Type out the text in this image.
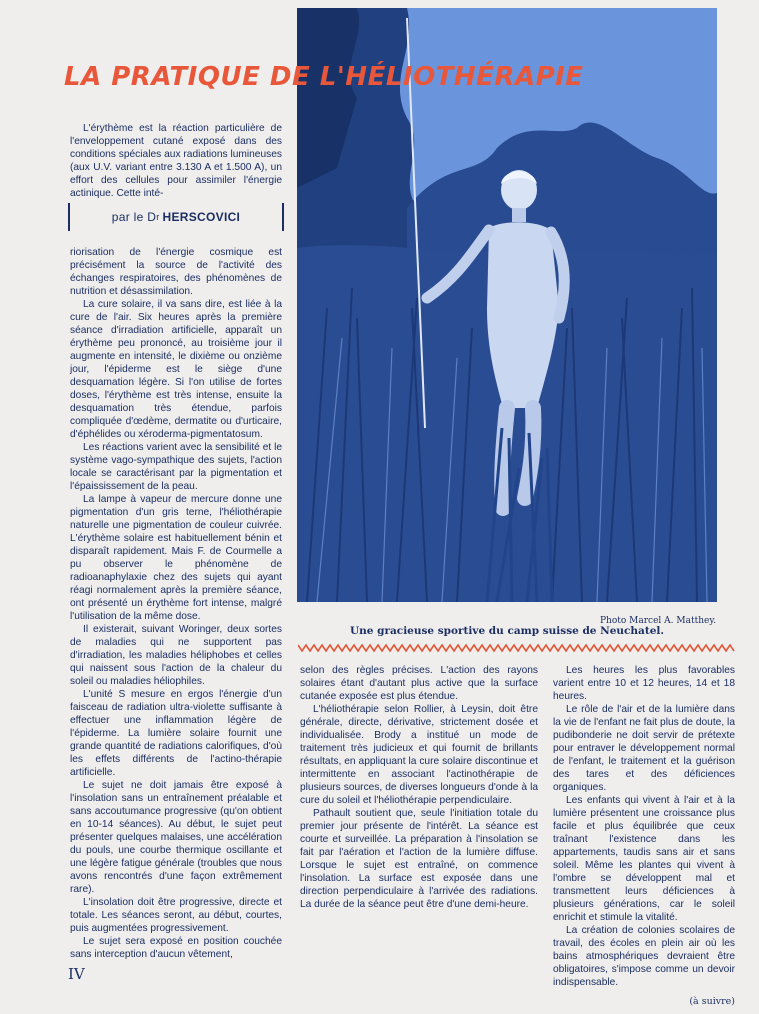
LA PRATIQUE DE L'HÉLIOTHÉRAPIE

L'érythème est la réaction particulière de l'enveloppement cutané exposé dans des conditions spéciales aux radiations lumineuses (aux U.V. variant entre 3.130 A et 1.500 A), un effort des cellules pour assimiler l'énergie actinique. Cette inté-

par le D r HERSCOVICI

riorisation de l'énergie cosmique est précisément la source de l'activité des échanges respiratoires, des phénomènes de nutrition et désassimilation.

La cure solaire, il va sans dire, est liée à la cure de l'air. Six heures après la première séance d'irradiation artificielle, apparaît un érythème peu prononcé, au troisième jour il augmente en intensité, le dixième ou onzième jour, l'épiderme est le siège d'une desquamation légère. Si l'on utilise de fortes doses, l'érythème est très intense, ensuite la desquamation très étendue, parfois compliquée d'œdème, dermatite ou d'urticaire, d'éphélides ou xéroderma-pigmentatosum.

Les réactions varient avec la sensibilité et le système vago-sympathique des sujets, l'action locale se caractérisant par la pigmentation et l'épaississement de la peau.

La lampe à vapeur de mercure donne une pigmentation d'un gris terne, l'héliothérapie naturelle une pigmentation de couleur cuivrée. L'érythème solaire est habituellement bénin et disparaît rapidement. Mais F. de Courmelle a pu observer le phénomène de radioanaphylaxie chez des sujets qui ayant réagi normalement après la première séance, ont présenté un érythème fort intense, malgré l'utilisation de la même dose.

Il existerait, suivant Woringer, deux sortes de maladies qui ne supportent pas d'irradiation, les maladies héliphobes et celles qui naissent sous l'action de la chaleur du soleil ou maladies héliophiles.

L'unité S mesure en ergos l'énergie d'un faisceau de radiation ultra-violette suffisante à effectuer une inflammation légère de l'épiderme. La lumière solaire fournit une grande quantité de radiations calorifiques, d'où les effets différents de l'actino-thérapie artificielle.

Le sujet ne doit jamais être exposé à l'insolation sans un entraînement préalable et sans accoutumance progressive (qu'on obtient en 10-14 séances). Au début, le sujet peut présenter quelques malaises, une accélération du pouls, une courbe thermique oscillante et une légère fatigue générale (troubles que nous avons rencontrés d'une façon extrêmement rare).

L'insolation doit être progressive, directe et totale. Les séances seront, au début, courtes, puis augmentées progressivement.

Le sujet sera exposé en position couchée sans interception d'aucun vêtement,

Photo Marcel A. Matthey.
Une gracieuse sportive du camp suisse de Neuchatel.

selon des règles précises. L'action des rayons solaires étant d'autant plus active que la surface cutanée exposée est plus étendue.

L'héliothérapie selon Rollier, à Leysin, doit être générale, directe, dérivative, strictement dosée et individualisée. Brody a institué un mode de traitement très judicieux et qui fournit de brillants résultats, en appliquant la cure solaire discontinue et intermittente en associant l'actinothérapie de plusieurs sources, de diverses longueurs d'onde à la cure du soleil et l'héliothérapie perpendiculaire.

Pathault soutient que, seule l'initiation totale du premier jour présente de l'intérêt. La séance est courte et surveillée. La préparation à l'insolation se fait par l'aération et l'action de la lumière diffuse. Lorsque le sujet est entraîné, on commence l'insolation. La surface est exposée dans une direction perpendiculaire à l'arrivée des radiations. La durée de la séance peut être d'une demi-heure.

Les heures les plus favorables varient entre 10 et 12 heures, 14 et 18 heures.

Le rôle de l'air et de la lumière dans la vie de l'enfant ne fait plus de doute, la pudibonderie ne doit servir de prétexte pour entraver le développement normal de l'enfant, le traitement et la guérison des tares et des déficiences organiques.

Les enfants qui vivent à l'air et à la lumière présentent une croissance plus facile et plus équilibrée que ceux traînant l'existence dans les appartements, taudis sans air et sans soleil. Même les plantes qui vivent à l'ombre se développent mal et transmettent leurs déficiences à plusieurs générations, car le soleil enrichit et stimule la vitalité.

La création de colonies scolaires de travail, des écoles en plein air où les bains atmosphériques devraient être obligatoires, s'impose comme un devoir indispensable.

(à suivre)
IV
